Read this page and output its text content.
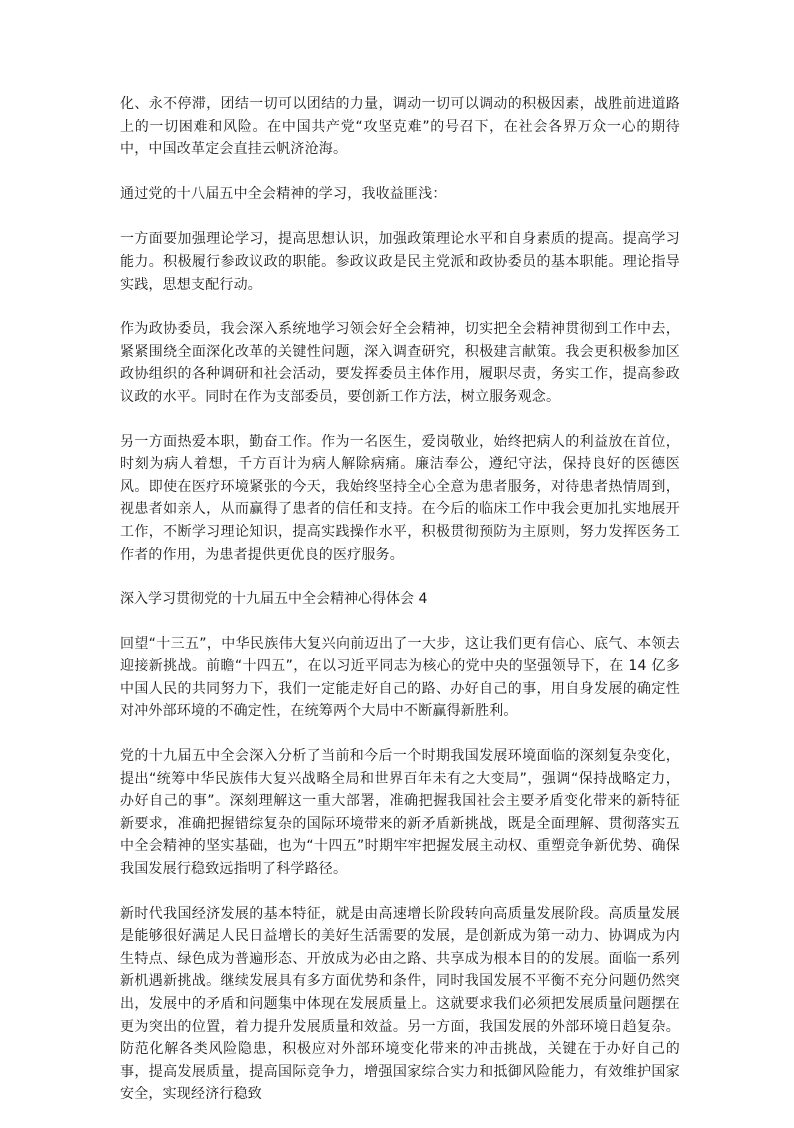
化、永不停滞，团结一切可以团结的力量，调动一切可以调动的积极因素，战胜前进道路上的一切困难和风险。在中国共产党“攻坚克难”的号召下，在社会各界万众一心的期待中，中国改革定会直挂云帆济沧海。

通过党的十八届五中全会精神的学习，我收益匪浅：

一方面要加强理论学习，提高思想认识，加强政策理论水平和自身素质的提高。提高学习能力。积极履行参政议政的职能。参政议政是民主党派和政协委员的基本职能。理论指导实践，思想支配行动。

作为政协委员，我会深入系统地学习领会好全会精神，切实把全会精神贯彻到工作中去，紧紧围绕全面深化改革的关键性问题，深入调查研究，积极建言献策。我会更积极参加区政协组织的各种调研和社会活动，要发挥委员主体作用，履职尽责，务实工作，提高参政议政的水平。同时在作为支部委员，要创新工作方法，树立服务观念。

另一方面热爱本职，勤奋工作。作为一名医生，爱岗敬业，始终把病人的利益放在首位，时刻为病人着想，千方百计为病人解除病痛。廉洁奉公，遵纪守法，保持良好的医德医风。即使在医疗环境紧张的今天，我始终坚持全心全意为患者服务，对待患者热情周到，视患者如亲人，从而赢得了患者的信任和支持。在今后的临床工作中我会更加扎实地展开工作，不断学习理论知识，提高实践操作水平，积极贯彻预防为主原则，努力发挥医务工作者的作用，为患者提供更优良的医疗服务。

深入学习贯彻党的十九届五中全会精神心得体会 4

回望“十三五”，中华民族伟大复兴向前迈出了一大步，这让我们更有信心、底气、本领去迎接新挑战。前瞻“十四五”，在以习近平同志为核心的党中央的坚强领导下，在 14 亿多中国人民的共同努力下，我们一定能走好自己的路、办好自己的事，用自身发展的确定性对冲外部环境的不确定性，在统筹两个大局中不断赢得新胜利。

党的十九届五中全会深入分析了当前和今后一个时期我国发展环境面临的深刻复杂变化，提出“统筹中华民族伟大复兴战略全局和世界百年未有之大变局”，强调“保持战略定力，办好自己的事”。深刻理解这一重大部署，准确把握我国社会主要矛盾变化带来的新特征新要求，准确把握错综复杂的国际环境带来的新矛盾新挑战，既是全面理解、贯彻落实五中全会精神的坚实基础，也为“十四五”时期牢牢把握发展主动权、重塑竞争新优势、确保我国发展行稳致远指明了科学路径。

新时代我国经济发展的基本特征，就是由高速增长阶段转向高质量发展阶段。高质量发展是能够很好满足人民日益增长的美好生活需要的发展，是创新成为第一动力、协调成为内生特点、绿色成为普遍形态、开放成为必由之路、共享成为根本目的的发展。面临一系列新机遇新挑战。继续发展具有多方面优势和条件，同时我国发展不平衡不充分问题仍然突出，发展中的矛盾和问题集中体现在发展质量上。这就要求我们必须把发展质量问题摆在更为突出的位置，着力提升发展质量和效益。另一方面，我国发展的外部环境日趋复杂。防范化解各类风险隐患，积极应对外部环境变化带来的冲击挑战，关键在于办好自己的事，提高发展质量，提高国际竞争力，增强国家综合实力和抵御风险能力，有效维护国家安全，实现经济行稳致
